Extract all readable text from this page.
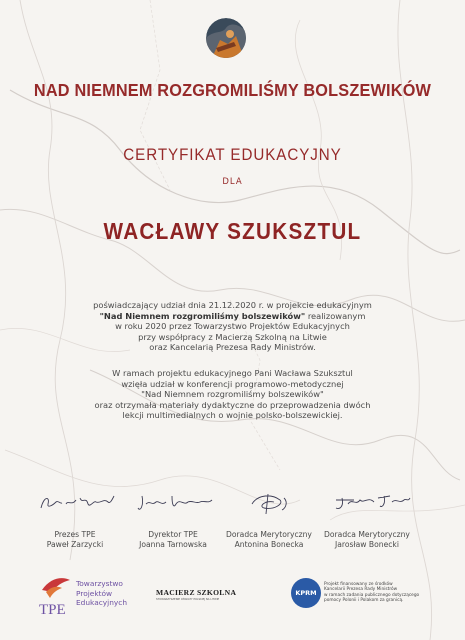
NAD NIEMNEM ROZGROMILIŚMY BOLSZEWIKÓW
CERTYFIKAT EDUKACYJNY
DLA
WACŁAWY SZUKSZTUL
poświadczający udział dnia 21.12.2020 r. w projekcie edukacyjnym
"Nad Niemnem rozgromiliśmy bolszewików" realizowanym
w roku 2020 przez Towarzystwo Projektów Edukacyjnych
przy współpracy z Macierzą Szkolną na Litwie
oraz Kancelarią Prezesa Rady Ministrów.
W ramach projektu edukacyjnego Pani Wacława Szuksztul
wzięła udział w konferencji programowo-metodycznej
"Nad Niemnem rozgromiliśmy bolszewików"
oraz otrzymała materiały dydaktyczne do przeprowadzenia dwóch
lekcji multimedialnych o wojnie polsko-bolszewickiej.
Prezes TPE
Paweł Zarzycki
Dyrektor TPE
Joanna Tarnowska
Doradca Merytoryczny
Antonina Bonecka
Doradca Merytoryczny
Jarosław Bonecki
TPE
Towarzystwo
Projektów
Edukacyjnych
MACIERZ SZKOLNA
STOWARZYSZENIE OŚWIATY POLSKIEJ NA LITWIE
KPRM
Projekt finansowany ze środków
Kancelarii Prezesa Rady Ministrów
w ramach zadania publicznego dotyczącego
pomocy Polonii i Polakom za granicą.
